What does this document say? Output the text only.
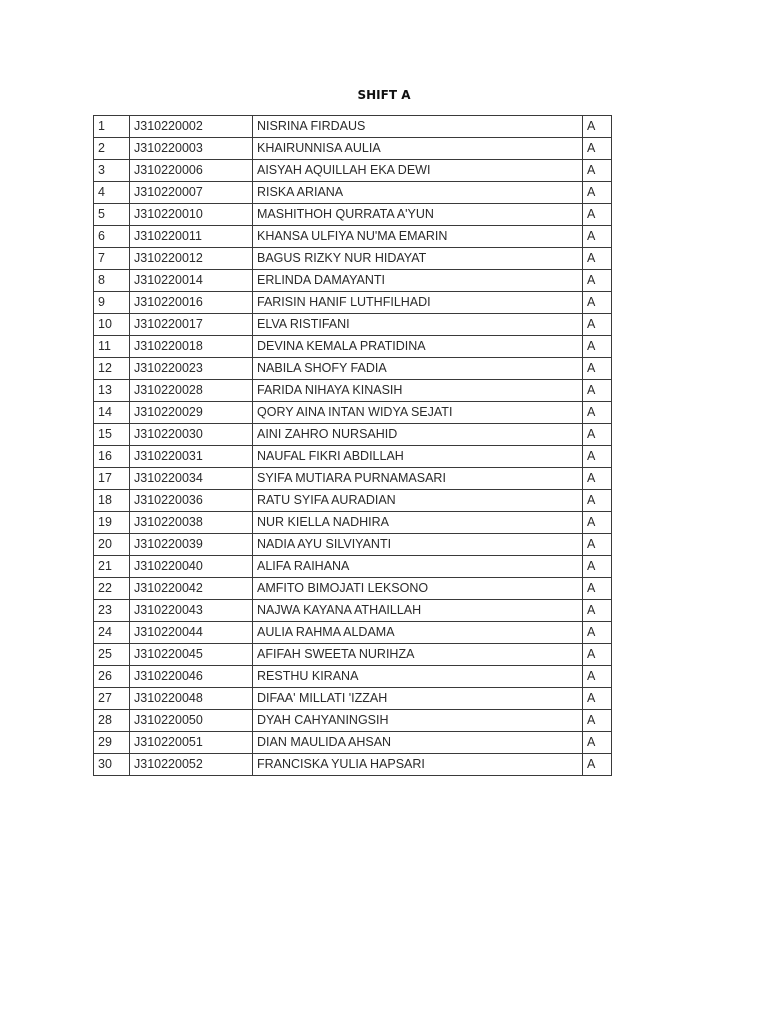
SHIFT A
1	J310220002	NISRINA FIRDAUS	A
2	J310220003	KHAIRUNNISA AULIA	A
3	J310220006	AISYAH AQUILLAH EKA DEWI	A
4	J310220007	RISKA ARIANA	A
5	J310220010	MASHITHOH QURRATA A'YUN	A
6	J310220011	KHANSA ULFIYA NU'MA EMARIN	A
7	J310220012	BAGUS RIZKY NUR HIDAYAT	A
8	J310220014	ERLINDA DAMAYANTI	A
9	J310220016	FARISIN HANIF LUTHFILHADI	A
10	J310220017	ELVA RISTIFANI	A
11	J310220018	DEVINA KEMALA PRATIDINA	A
12	J310220023	NABILA SHOFY FADIA	A
13	J310220028	FARIDA NIHAYA KINASIH	A
14	J310220029	QORY AINA INTAN WIDYA SEJATI	A
15	J310220030	AINI ZAHRO NURSAHID	A
16	J310220031	NAUFAL FIKRI ABDILLAH	A
17	J310220034	SYIFA MUTIARA PURNAMASARI	A
18	J310220036	RATU SYIFA AURADIAN	A
19	J310220038	NUR KIELLA NADHIRA	A
20	J310220039	NADIA AYU SILVIYANTI	A
21	J310220040	ALIFA RAIHANA	A
22	J310220042	AMFITO BIMOJATI LEKSONO	A
23	J310220043	NAJWA KAYANA ATHAILLAH	A
24	J310220044	AULIA RAHMA ALDAMA	A
25	J310220045	AFIFAH SWEETA NURIHZA	A
26	J310220046	RESTHU KIRANA	A
27	J310220048	DIFAA' MILLATI 'IZZAH	A
28	J310220050	DYAH CAHYANINGSIH	A
29	J310220051	DIAN MAULIDA AHSAN	A
30	J310220052	FRANCISKA YULIA HAPSARI	A
